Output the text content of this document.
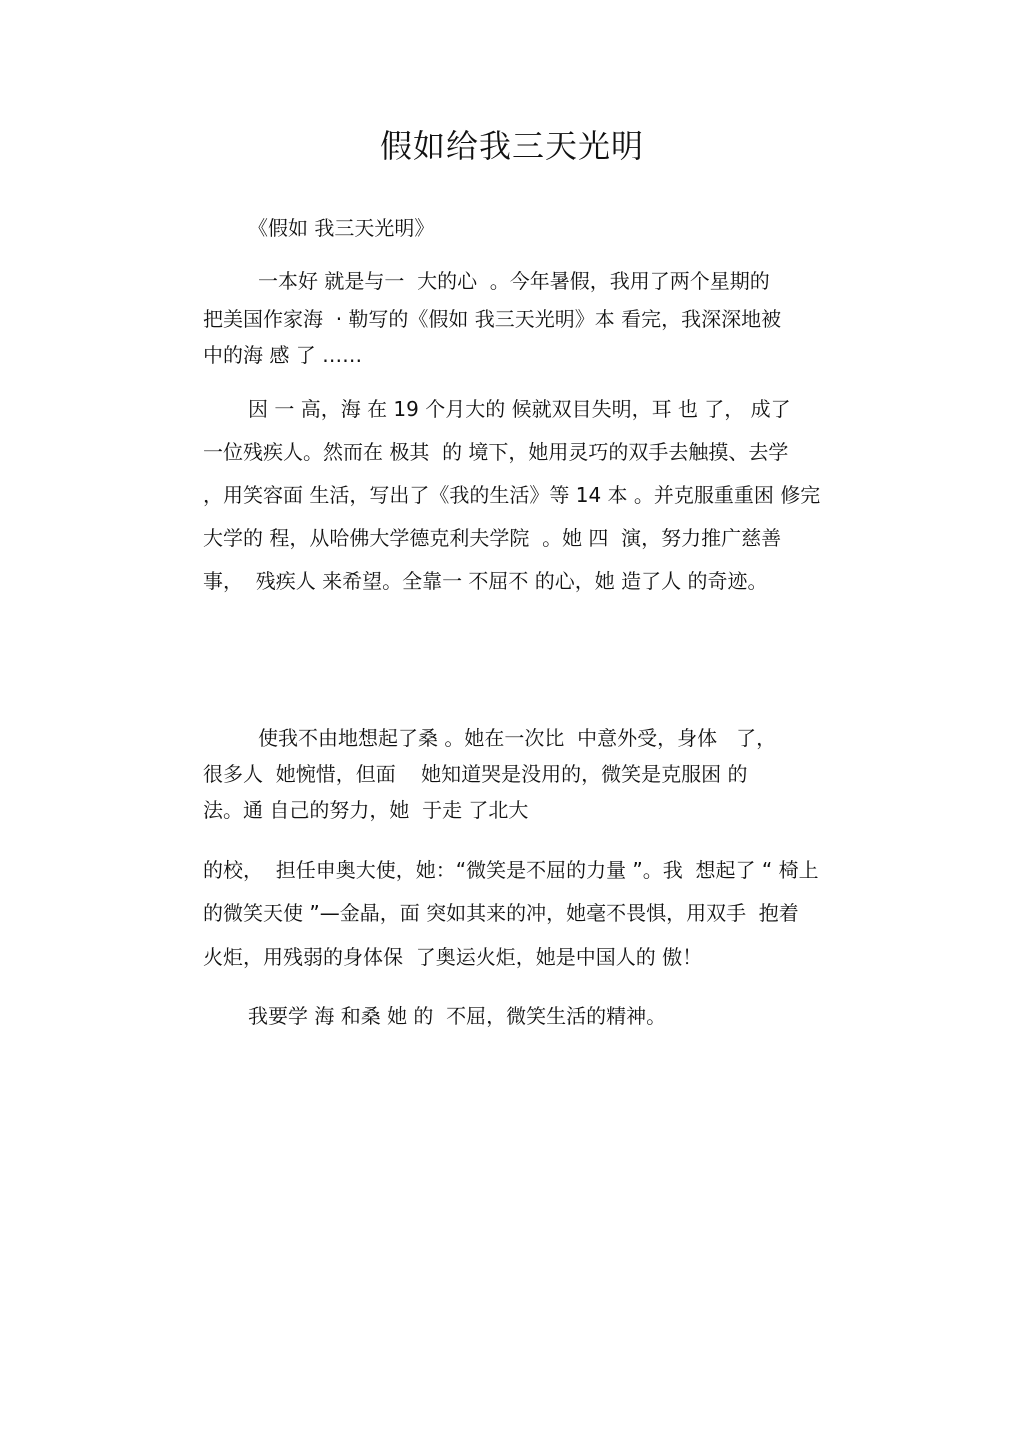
假如给我三天光明
《假如 我三天光明》
一本好 就是与一  大的心  。今年暑假，我用了两个星期的
把美国作家海  · 勒写的《假如 我三天光明》本 看完，我深深地被
中的海 感 了 ……
因 一 高，海 在 19 个月大的 候就双目失明，耳 也 了， 成了
一位残疾人。然而在 极其  的 境下，她用灵巧的双手去触摸、去学
，用笑容面 生活，写出了《我的生活》等 14 本 。并克服重重困 修完
大学的 程，从哈佛大学德克利夫学院  。她 四  演，努力推广慈善
事，  残疾人 来希望。全靠一 不屈不 的心，她 造了人 的奇迹。
使我不由地想起了桑 。她在一次比  中意外受，身体   了，
很多人  她惋惜，但面    她知道哭是没用的，微笑是克服困 的
法。通 自己的努力，她  于走 了北大
的校，  担任申奥大使，她：“微笑是不屈的力量 ”。我  想起了 “ 椅上
的微笑天使 ”—金晶，面 突如其来的冲，她毫不畏惧，用双手  抱着
火炬，用残弱的身体保  了奥运火炬，她是中国人的 傲！
我要学 海 和桑 她 的  不屈，微笑生活的精神。
